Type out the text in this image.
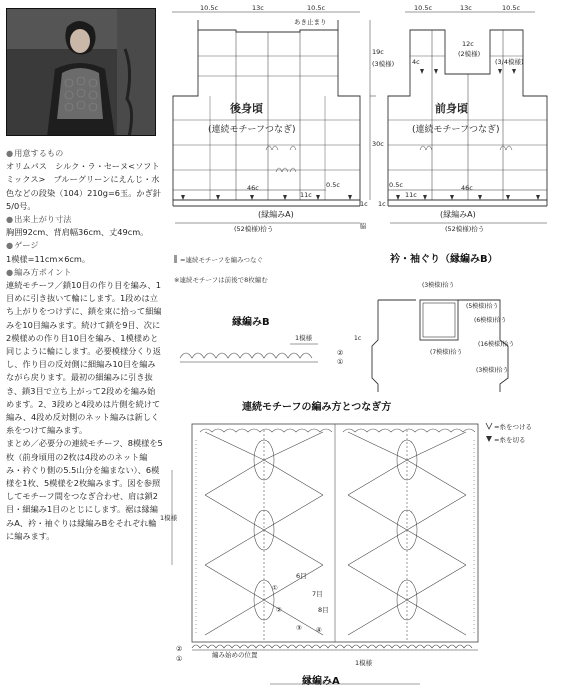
● 用意するもの

オリムパス　シルク・ラ・セーヌ<ソフトミックス>　ブルーグリーンにえんじ・水色などの段染（104）210g=6玉。かぎ針5/0号。

● 出来上がり寸法

胸囲92cm、背肩幅36cm、丈49cm。

● ゲージ

1模様=11cm×6cm。

● 編み方ポイント

連続モチーフ／鎖10目の作り目を編み、1目めに引き抜いて輪にします。1段めは立ち上がりをつけずに、鎖を束に拾って細編みを10目編みます。続けて鎖を9目、次に2模様めの作り目10目を編み、1模様めと同じように輪にします。必要模様分くり返し、作り目の反対側に細編み10目を編みながら戻ります。最初の細編みに引き抜き、鎖3目で立ち上がって2段めを編み始めます。2、3段めと4段めは片側を続けて編み、4段め反対側のネット編みは新しく糸をつけて編みます。

まとめ／必要分の連続モチーフ、8模様を5枚（前身頃用の2枚は4段めのネット編み・衿ぐり側の5.5山分を編まない）、6模様を1枚、5模様を2枚編みます。図を参照してモチーフ間をつなぎ合わせ、肩は鎖2目・細編み1目のとじにします。裾は縁編みA、衿・袖ぐりは縁編みBをそれぞれ輪に編みます。

10.5c	13c	10.5c
あき止まり
19c
(3模様)
30c
46c
11c
0.5c
(縁編みA)
(52模様)拾う
1c
脇
後身頃
(連続モチーフつなぎ)
10.5c	13c	10.5c
12c
(2模様)
4c	(3/4模様)
46c
0.5c
11c
(縁編みA)
(52模様)拾う
1c
前身頃
(連続モチーフつなぎ)
=連続モチーフを編みつなぐ
※連続モチーフは前後で8枚編む
衿・袖ぐり（縁編みB）
(3模様)拾う
(5模様)拾う
(6模様)拾う
(7模様)拾う
(16模様)拾う
(3模様)拾う
1c
縁編みB
1模様
②
①
連続モチーフの編み方とつなぎ方
=糸をつける
=糸を切る
1模様
6目
7目
8目
①
②
③ ④
編み始めの位置
1模様
②
①
縁編みA
